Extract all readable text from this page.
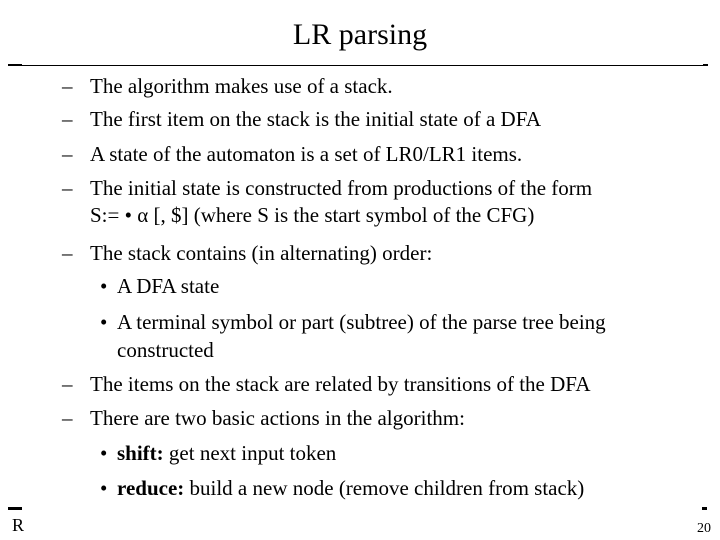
LR parsing
– The algorithm makes use of a stack.
– The first item on the stack is the initial state of a DFA
– A state of the automaton is a set of LR0/LR1 items.
– The initial state is constructed from productions of the form
S:= • α [, $] (where S is the start symbol of the CFG)
– The stack contains (in alternating) order:
• A DFA state
• A terminal symbol or part (subtree) of the parse tree being
constructed
– The items on the stack are related by transitions of the DFA
– There are two basic actions in the algorithm:
• shift: get next input token
• reduce: build a new node (remove children from stack)
R	20
